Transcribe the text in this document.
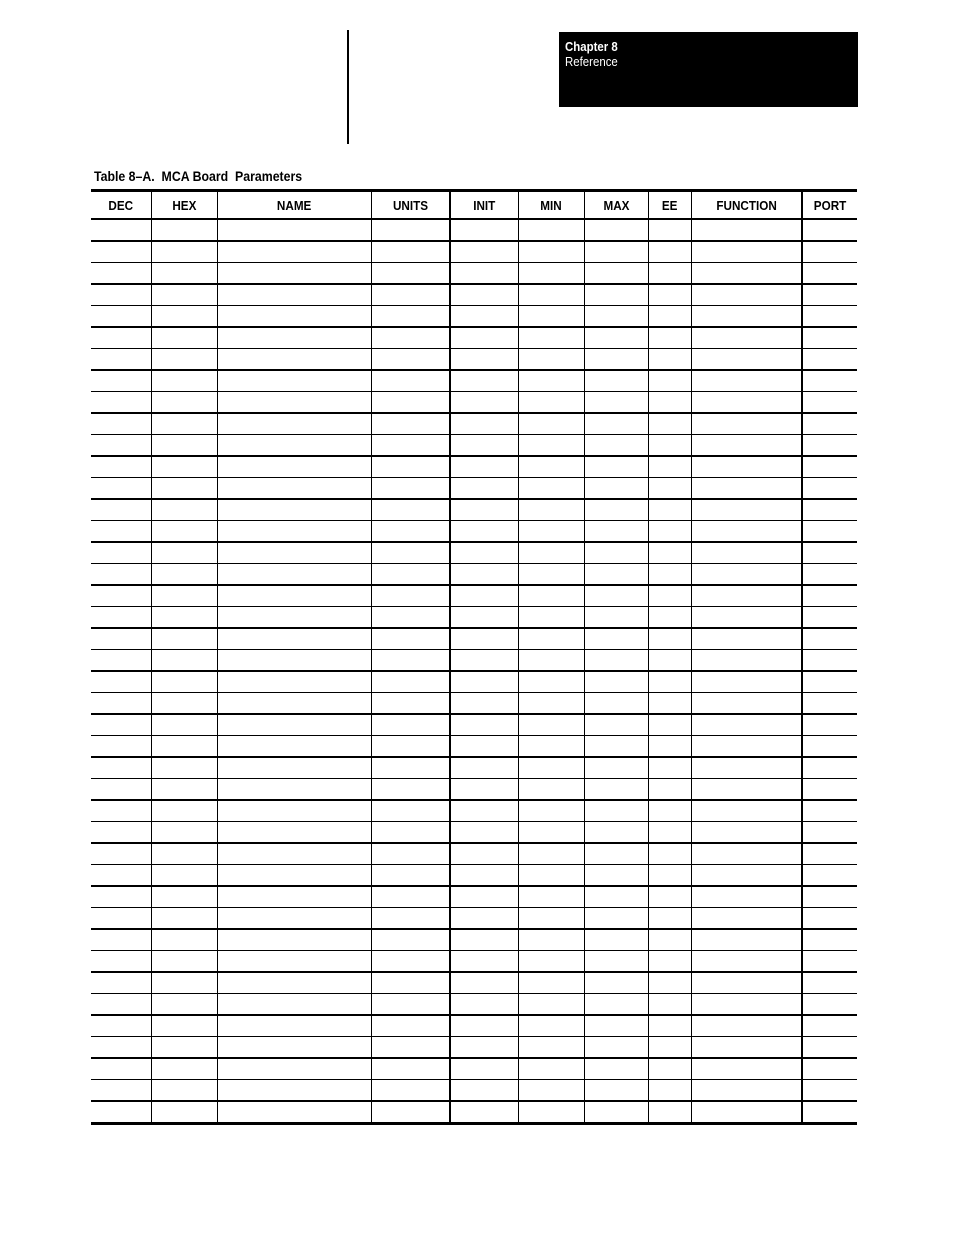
Chapter 8
Reference
Table 8–A.  MCA Board  Parameters
DEC	HEX	NAME	UNITS	INIT	MIN	MAX	EE	FUNCTION	PORT
